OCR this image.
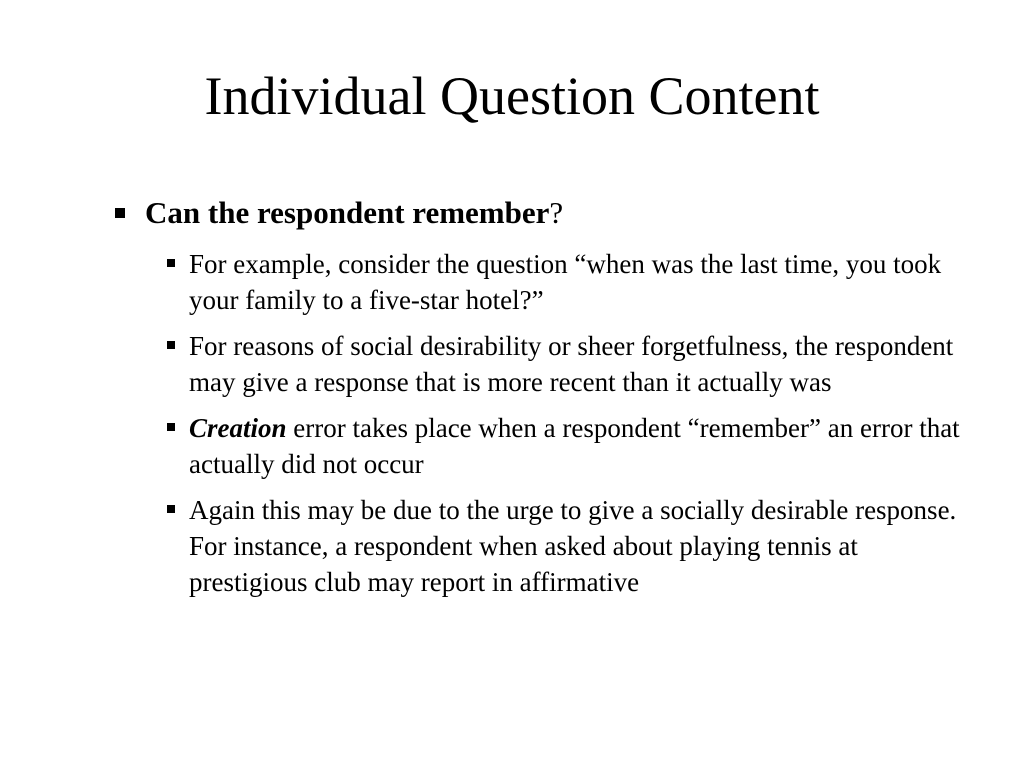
Individual Question Content
Can the respondent remember?
For example, consider the question “when was the last time, you took your family to a five-star hotel?”
For reasons of social desirability or sheer forgetfulness, the respondent may give a response that is more recent than it actually was
Creation error takes place when a respondent “remember” an error that actually did not occur
Again this may be due to the urge to give a socially desirable response. For instance, a respondent when asked about playing tennis at prestigious club may report in affirmative
